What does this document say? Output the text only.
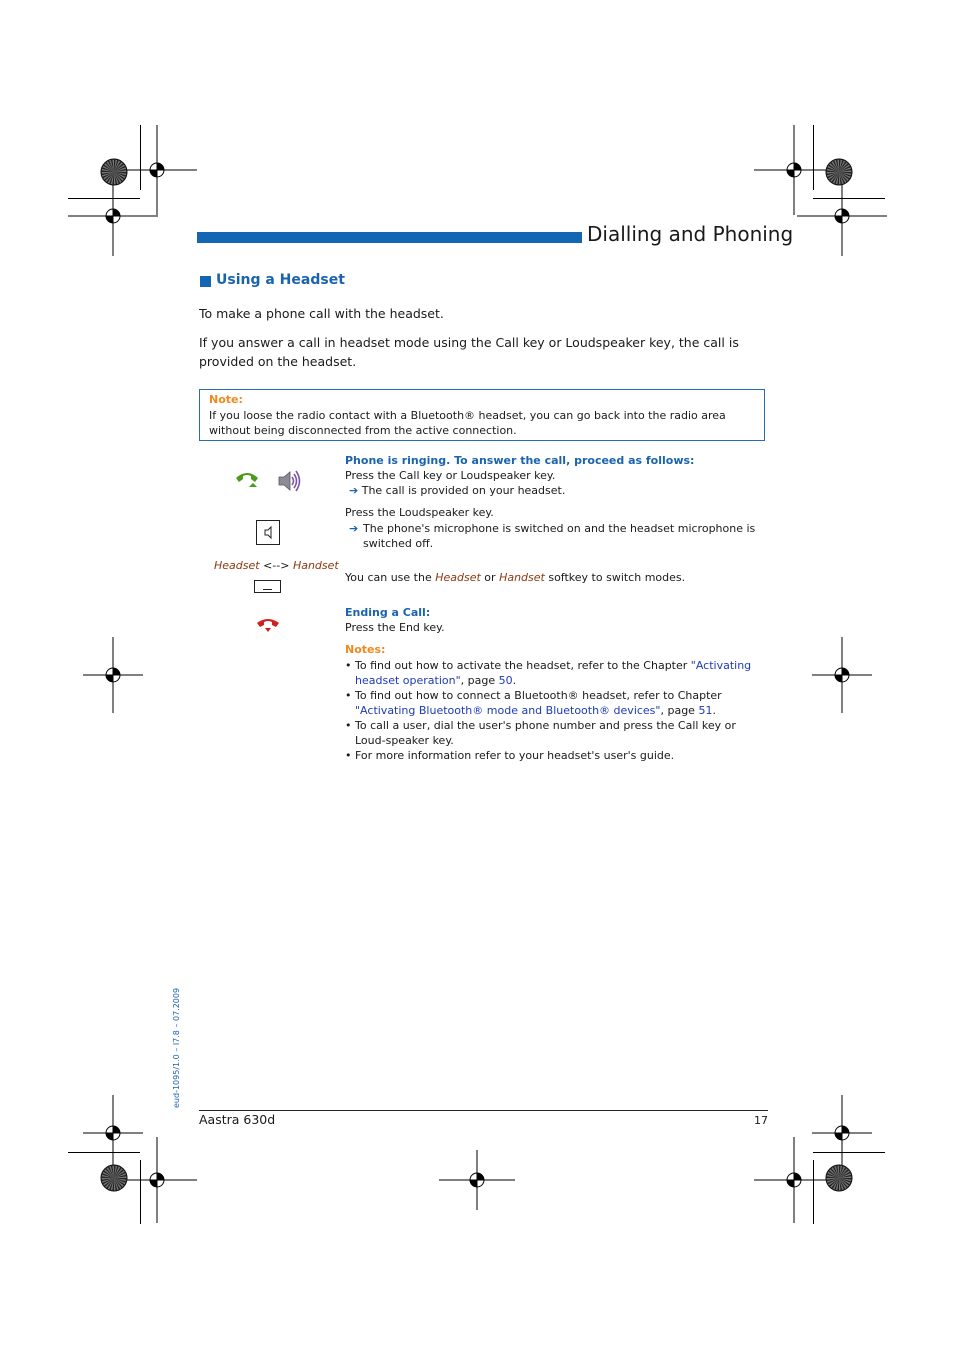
Dialling and Phoning
Using a Headset
To make a phone call with the headset.
If you answer a call in headset mode using the Call key or Loudspeaker key, the call is provided on the headset.
Note:
If you loose the radio contact with a Bluetooth® headset, you can go back into the radio area without being disconnected from the active connection.
Headset <--> Handset
Phone is ringing. To answer the call, proceed as follows:
Press the Call key or Loudspeaker key.
➔ The call is provided on your headset.
Press the Loudspeaker key.
➔ The phone's microphone is switched on and the headset microphone is switched off.
You can use the Headset or Handset softkey to switch modes.
Ending a Call:
Press the End key.
Notes:
• To find out how to activate the headset, refer to the Chapter "Activating headset operation", page 50.
• To find out how to connect a Bluetooth® headset, refer to Chapter "Activating Bluetooth® mode and Bluetooth® devices", page 51.
• To call a user, dial the user's phone number and press the Call key or Loud-speaker key.
• For more information refer to your headset's user's guide.
eud-1095/1.0 – I7.8 – 07.2009
Aastra 630d	17
